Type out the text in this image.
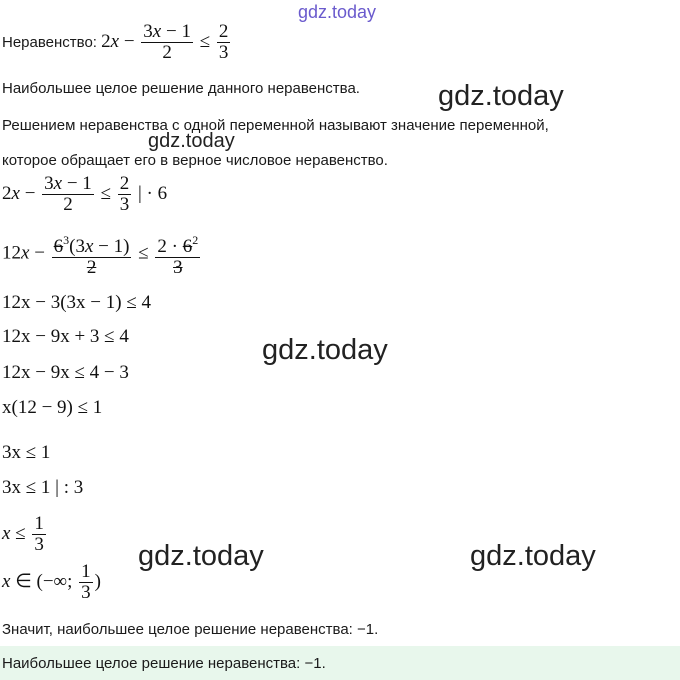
gdz.today
Неравенство: $2x - \frac{3x - 1}{2} \le \frac{2}{3}$
Наибольшее целое решение данного неравенства.	gdz.today
Решением неравенства с одной переменной называют значение переменной,
gdz.today
которое обращает его в верное числовое неравенство.
$2x - \frac{3x - 1}{2} \le \frac{2}{3}$ | · 6
$12x - \frac{6^3(3x - 1)}{2} \le \frac{2 \cdot 6^2}{3}$
12x − 3(3x − 1) ≤ 4
12x − 9x + 3 ≤ 4	gdz.today
12x − 9x ≤ 4 − 3
x(12 − 9) ≤ 1
3x ≤ 1
3x ≤ 1 | : 3
$x \le \frac{1}{3}$
x ∈ (−∞; $\frac{1}{3}$ )
gdz.today	gdz.today
Значит, наибольшее целое решение неравенства: −1.
Наибольшее целое решение неравенства: −1.
